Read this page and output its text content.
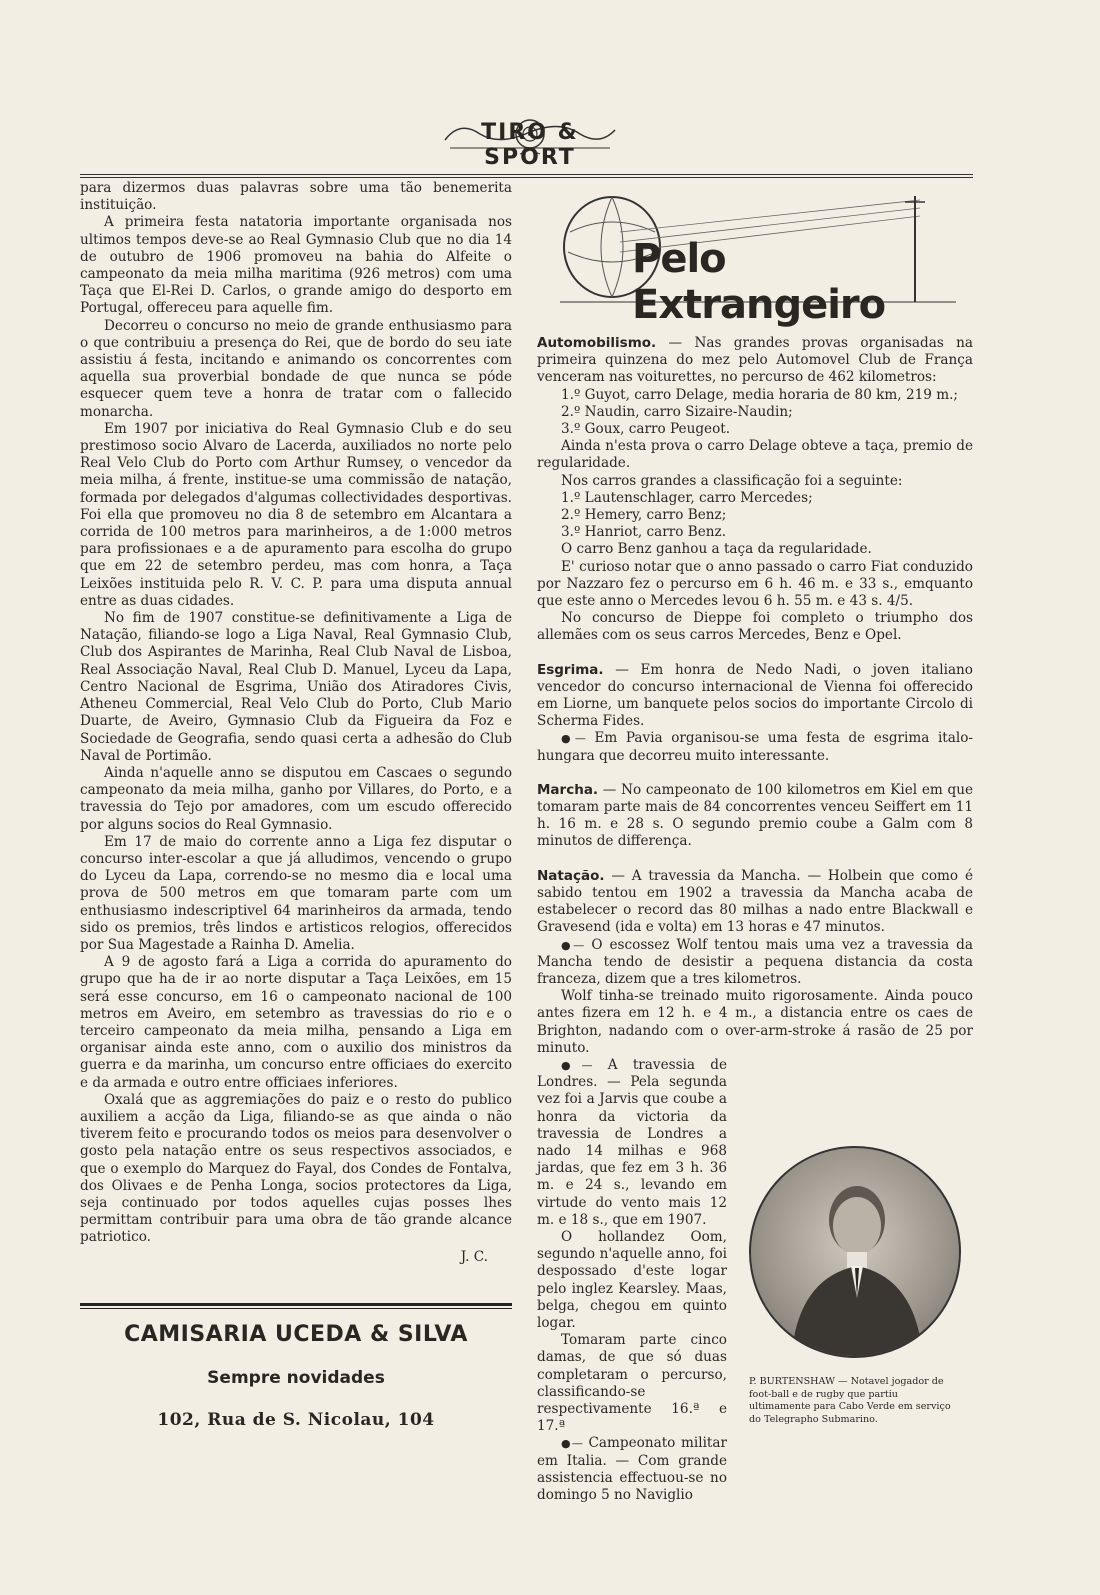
TIRO & SPORT

para dizermos duas palavras sobre uma tão benemerita instituição.

A primeira festa natatoria importante organisada nos ultimos tempos deve-se ao Real Gymnasio Club que no dia 14 de outubro de 1906 promoveu na bahia do Alfeite o campeonato da meia milha maritima (926 metros) com uma Taça que El-Rei D. Carlos, o grande amigo do desporto em Portugal, offereceu para aquelle fim.

Decorreu o concurso no meio de grande enthusiasmo para o que contribuiu a presença do Rei, que de bordo do seu iate assistiu á festa, incitando e animando os concorrentes com aquella sua proverbial bondade de que nunca se póde esquecer quem teve a honra de tratar com o fallecido monarcha.

Em 1907 por iniciativa do Real Gymnasio Club e do seu prestimoso socio Alvaro de Lacerda, auxiliados no norte pelo Real Velo Club do Porto com Arthur Rumsey, o vencedor da meia milha, á frente, institue-se uma commissão de natação, formada por delegados d'algumas collectividades desportivas. Foi ella que promoveu no dia 8 de setembro em Alcantara a corrida de 100 metros para marinheiros, a de 1:000 metros para profissionaes e a de apuramento para escolha do grupo que em 22 de setembro perdeu, mas com honra, a Taça Leixões instituida pelo R. V. C. P. para uma disputa annual entre as duas cidades.

No fim de 1907 constitue-se definitivamente a Liga de Natação, filiando-se logo a Liga Naval, Real Gymnasio Club, Club dos Aspirantes de Marinha, Real Club Naval de Lisboa, Real Associação Naval, Real Club D. Manuel, Lyceu da Lapa, Centro Nacional de Esgrima, União dos Atiradores Civis, Atheneu Commercial, Real Velo Club do Porto, Club Mario Duarte, de Aveiro, Gymnasio Club da Figueira da Foz e Sociedade de Geografia, sendo quasi certa a adhesão do Club Naval de Portimão.

Ainda n'aquelle anno se disputou em Cascaes o segundo campeonato da meia milha, ganho por Villares, do Porto, e a travessia do Tejo por amadores, com um escudo offerecido por alguns socios do Real Gymnasio.

Em 17 de maio do corrente anno a Liga fez disputar o concurso inter-escolar a que já alludimos, vencendo o grupo do Lyceu da Lapa, correndo-se no mesmo dia e local uma prova de 500 metros em que tomaram parte com um enthusiasmo indescriptivel 64 marinheiros da armada, tendo sido os premios, três lindos e artisticos relogios, offerecidos por Sua Magestade a Rainha D. Amelia.

A 9 de agosto fará a Liga a corrida do apuramento do grupo que ha de ir ao norte disputar a Taça Leixões, em 15 será esse concurso, em 16 o campeonato nacional de 100 metros em Aveiro, em setembro as travessias do rio e o terceiro campeonato da meia milha, pensando a Liga em organisar ainda este anno, com o auxilio dos ministros da guerra e da marinha, um concurso entre officiaes do exercito e da armada e outro entre officiaes inferiores.

Oxalá que as aggremiações do paiz e o resto do publico auxiliem a acção da Liga, filiando-se as que ainda o não tiverem feito e procurando todos os meios para desenvolver o gosto pela natação entre os seus respectivos associados, e que o exemplo do Marquez do Fayal, dos Condes de Fontalva, dos Olivaes e de Penha Longa, socios protectores da Liga, seja continuado por todos aquelles cujas posses lhes permittam contribuir para uma obra de tão grande alcance patriotico.

J. C.

CAMISARIA UCEDA & SILVA
Sempre novidades
102, Rua de S. Nicolau, 104
Pelo Extrangeiro

Automobilismo. — Nas grandes provas organisadas na primeira quinzena do mez pelo Automovel Club de França venceram nas voiturettes, no percurso de 462 kilometros:

1.º Guyot, carro Delage, media horaria de 80 km, 219 m.;

2.º Naudin, carro Sizaire-Naudin;

3.º Goux, carro Peugeot.

Ainda n'esta prova o carro Delage obteve a taça, premio de regularidade.

Nos carros grandes a classificação foi a seguinte:

1.º Lautenschlager, carro Mercedes;

2.º Hemery, carro Benz;

3.º Hanriot, carro Benz.

O carro Benz ganhou a taça da regularidade.

E' curioso notar que o anno passado o carro Fiat conduzido por Nazzaro fez o percurso em 6 h. 46 m. e 33 s., emquanto que este anno o Mercedes levou 6 h. 55 m. e 43 s. 4/5.

No concurso de Dieppe foi completo o triumpho dos allemães com os seus carros Mercedes, Benz e Opel.

Esgrima. — Em honra de Nedo Nadi, o joven italiano vencedor do concurso internacional de Vienna foi offerecido em Liorne, um banquete pelos socios do importante Circolo di Scherma Fides.

●— Em Pavia organisou-se uma festa de esgrima italo-hungara que decorreu muito interessante.

Marcha. — No campeonato de 100 kilometros em Kiel em que tomaram parte mais de 84 concorrentes venceu Seiffert em 11 h. 16 m. e 28 s. O segundo premio coube a Galm com 8 minutos de differença.

Natação. — A travessia da Mancha. — Holbein que como é sabido tentou em 1902 a travessia da Mancha acaba de estabelecer o record das 80 milhas a nado entre Blackwall e Gravesend (ida e volta) em 13 horas e 47 minutos.

●— O escossez Wolf tentou mais uma vez a travessia da Mancha tendo de desistir a pequena distancia da costa franceza, dizem que a tres kilometros.

Wolf tinha-se treinado muito rigorosamente. Ainda pouco antes fizera em 12 h. e 4 m., a distancia entre os caes de Brighton, nadando com o over-arm-stroke á rasão de 25 por minuto.

●— A travessia de Londres. — Pela segunda vez foi a Jarvis que coube a honra da victoria da travessia de Londres a nado 14 milhas e 968 jardas, que fez em 3 h. 36 m. e 24 s., levando em virtude do vento mais 12 m. e 18 s., que em 1907.

O hollandez Oom, segundo n'aquelle anno, foi despossado d'este logar pelo inglez Kearsley. Maas, belga, chegou em quinto logar.

Tomaram parte cinco damas, de que só duas completaram o percurso, classificando-se respectivamente 16.ª e 17.ª

●— Campeonato militar em Italia. — Com grande assistencia effectuou-se no domingo 5 no Naviglio

P. BURTENSHAW — Notavel jogador de foot-ball e de rugby que partiu ultimamente para Cabo Verde em serviço do Telegrapho Submarino.
